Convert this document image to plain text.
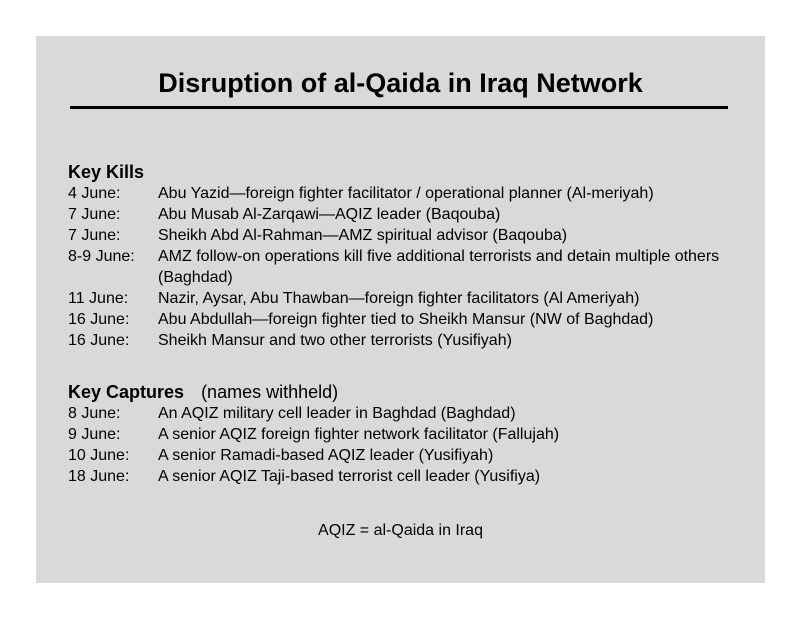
Disruption of al-Qaida in Iraq Network
Key Kills
4 June:	Abu Yazid—foreign fighter facilitator / operational planner (Al-meriyah)
7 June:	Abu Musab Al-Zarqawi—AQIZ leader (Baqouba)
7 June:	Sheikh Abd Al-Rahman—AMZ spiritual advisor (Baqouba)
8-9 June:	AMZ follow-on operations kill five additional terrorists and detain multiple others (Baghdad)
11 June:	Nazir, Aysar, Abu Thawban—foreign fighter facilitators (Al Ameriyah)
16 June:	Abu Abdullah—foreign fighter tied to Sheikh Mansur (NW of Baghdad)
16 June:	Sheikh Mansur and two other terrorists (Yusifiyah)
Key Captures (names withheld)
8 June:	An AQIZ military cell leader in Baghdad (Baghdad)
9 June:	A senior AQIZ foreign fighter network facilitator (Fallujah)
10 June:	A senior Ramadi-based AQIZ leader (Yusifiyah)
18 June:	A senior AQIZ Taji-based terrorist cell leader (Yusifiya)
AQIZ = al-Qaida in Iraq
